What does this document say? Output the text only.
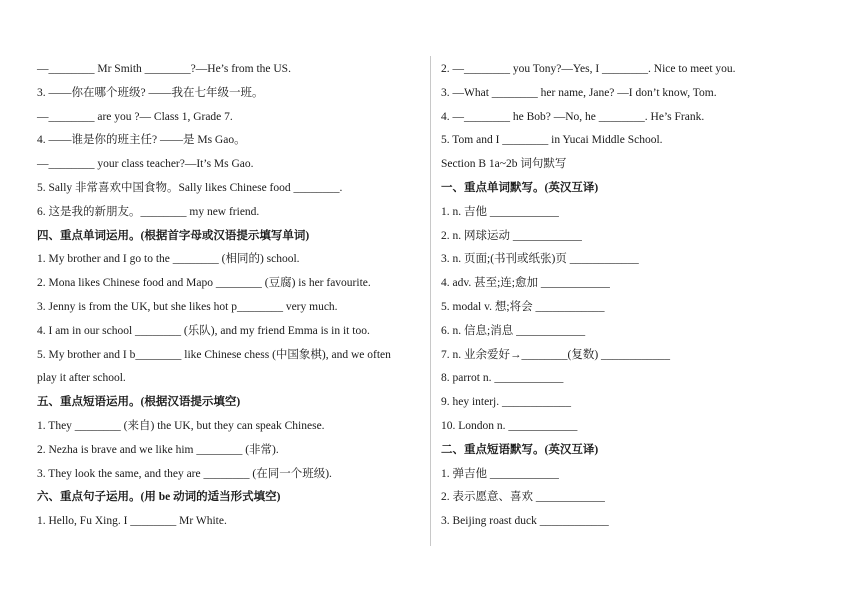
—________ Mr Smith ________?—He’s from the US.
3. ——你在哪个班级? ——我在七年级一班。
—________ are you ?— Class 1, Grade 7.
4. ——谁是你的班主任? ——是 Ms Gao。
—________ your class teacher?—It’s Ms Gao.
5. Sally 非常喜欢中国食物。Sally likes Chinese food ________.
6. 这是我的新朋友。________ my new friend.
四、重点单词运用。(根据首字母或汉语提示填写单词)
1. My brother and I go to the ________ (相同的) school.
2. Mona likes Chinese food and Mapo ________ (豆腐) is her favourite.
3. Jenny is from the UK, but she likes hot p________ very much.
4. I am in our school ________ (乐队), and my friend Emma is in it too.
5. My brother and I b________ like Chinese chess (中国象棋), and we often
play it after school.
五、重点短语运用。(根据汉语提示填空)
1. They ________ (来自) the UK, but they can speak Chinese.
2. Nezha is brave and we like him ________ (非常).
3. They look the same, and they are ________ (在同一个班级).
六、重点句子运用。(用 be 动词的适当形式填空)
1. Hello, Fu Xing. I ________ Mr White.
2. —________ you Tony?—Yes, I ________. Nice to meet you.
3. —What ________ her name, Jane? —I don’t know, Tom.
4. —________ he Bob? —No, he ________. He’s Frank.
5. Tom and I ________ in Yucai Middle School.
Section B 1a~2b 词句默写
一、重点单词默写。(英汉互译)
1. n. 吉他 ____________
2. n. 网球运动 ____________
3. n. 页面;(书刊或纸张)页 ____________
4. adv. 甚至;连;愈加 ____________
5. modal v. 想;将会 ____________
6. n. 信息;消息 ____________
7. n. 业余爱好→________(复数) ____________
8. parrot n. ____________
9. hey interj. ____________
10. London n. ____________
二、重点短语默写。(英汉互译)
1. 弹吉他 ____________
2. 表示愿意、喜欢 ____________
3. Beijing roast duck ____________
